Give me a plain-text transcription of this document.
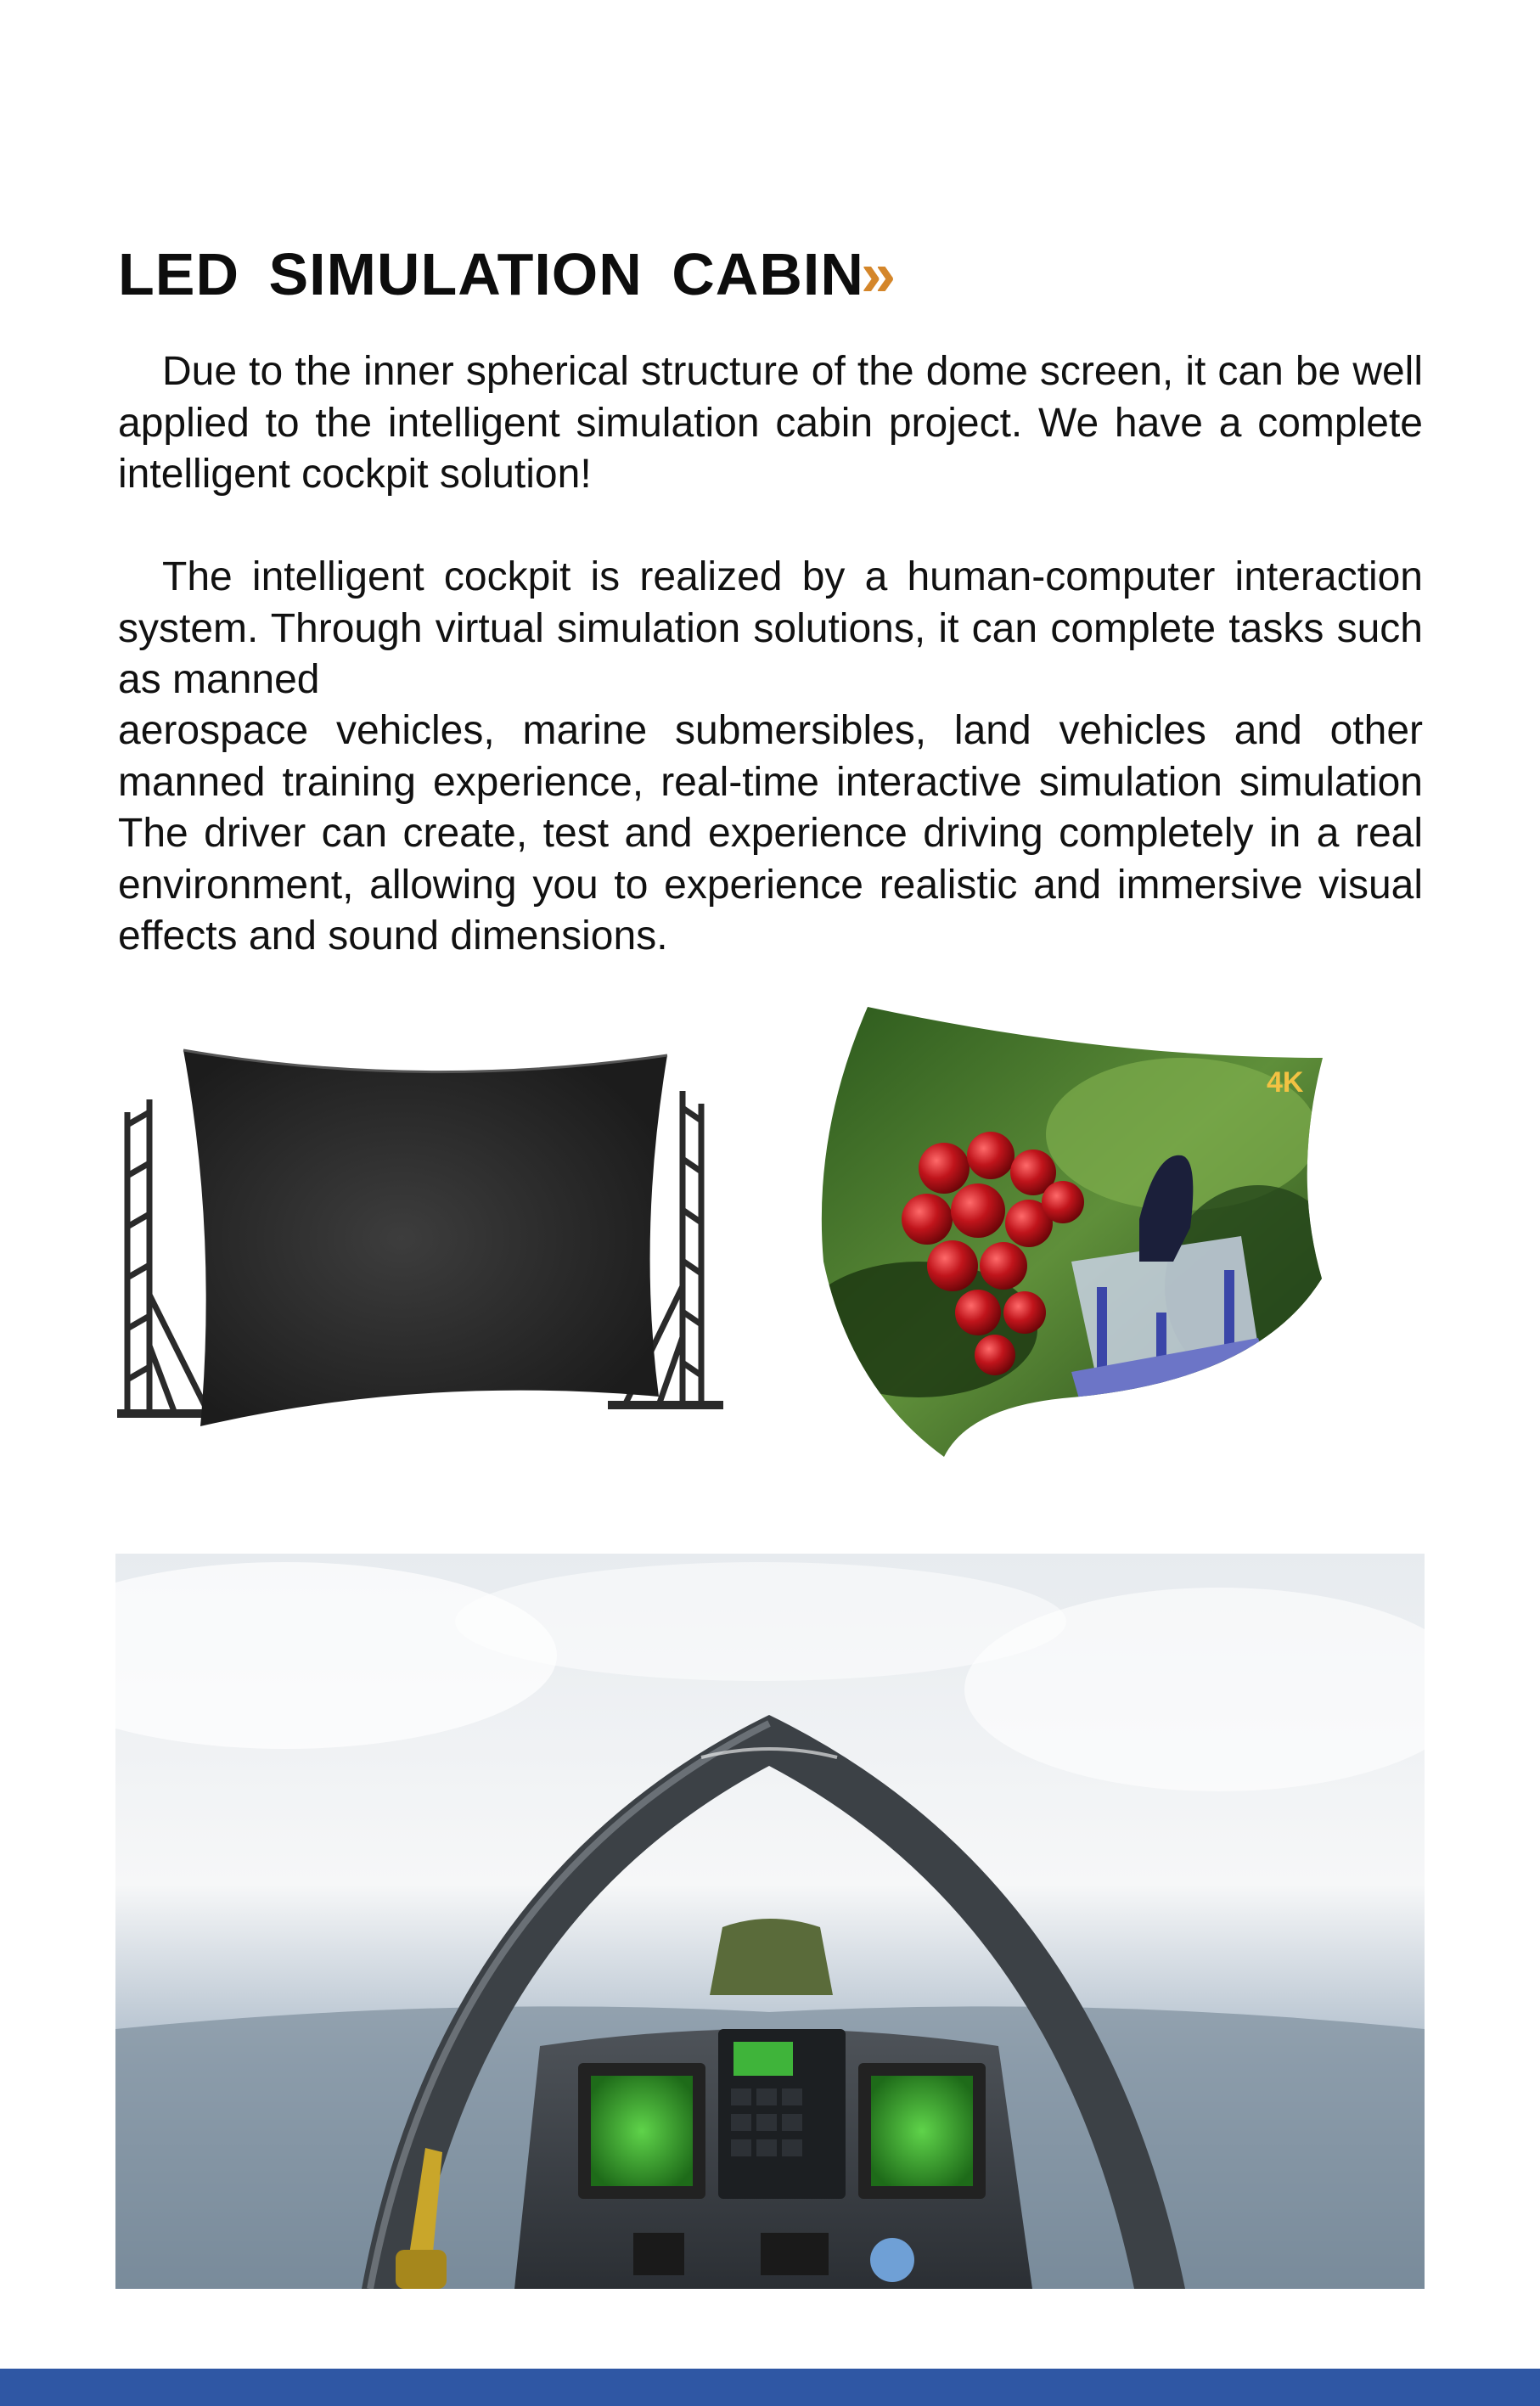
LED SIMULATION CABIN
»

Due to the inner spherical structure of the dome screen, it can be well applied to the intelligent simulation cabin project. We have a complete intelligent cockpit solution!

The intelligent cockpit is realized by a human-computer interaction system. Through virtual simulation solutions, it can complete tasks such as manned

aerospace vehicles, marine submersibles, land vehicles and other manned training experience, real-time interactive simulation simulation The driver can create, test and experience driving completely in a real environment, allowing you to experience realistic and immersive visual effects and sound dimensions.

4K
